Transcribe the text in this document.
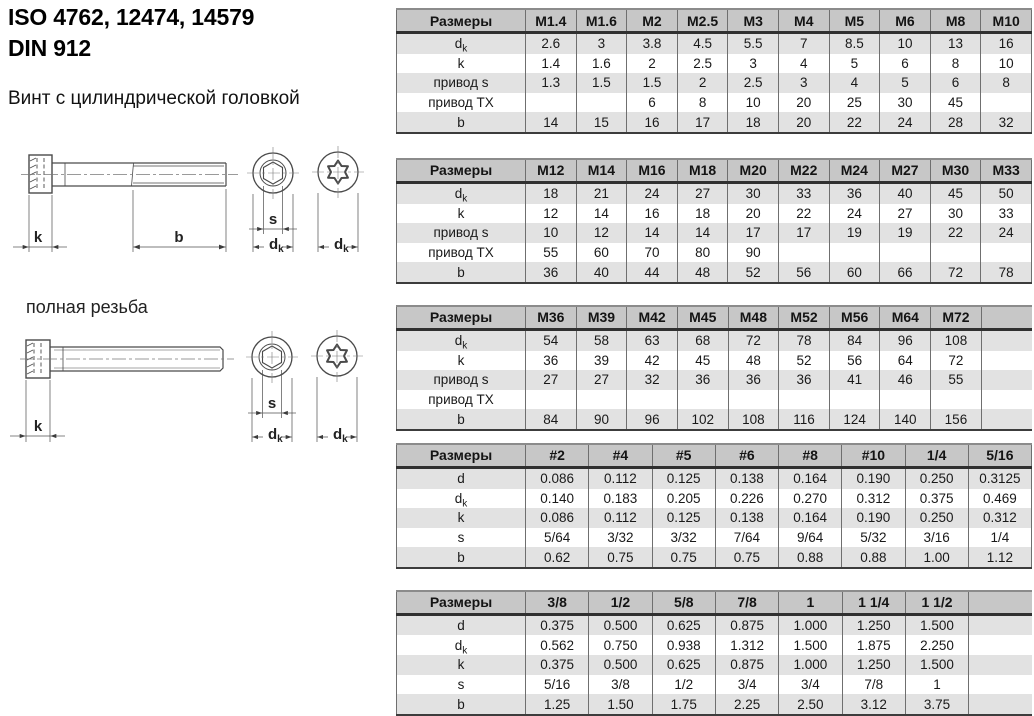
ISO 4762, 12474, 14579
DIN 912
Винт с цилиндрической головкой
k	b
s
$d_k$	$d_k$
полная резьба
k
s
$d_k$	$d_k$
Размеры	M1.4	M1.6	M2	M2.5	M3	M4	M5	M6	M8	M10
$d_k$	2.6	3	3.8	4.5	5.5	7	8.5	10	13	16
k	1.4	1.6	2	2.5	3	4	5	6	8	10
привод s	1.3	1.5	1.5	2	2.5	3	4	5	6	8
привод TX			6	8	10	20	25	30	45	
b	14	15	16	17	18	20	22	24	28	32
Размеры	M12	M14	M16	M18	M20	M22	M24	M27	M30	M33
$d_k$	18	21	24	27	30	33	36	40	45	50
k	12	14	16	18	20	22	24	27	30	33
привод s	10	12	14	14	17	17	19	19	22	24
привод TX	55	60	70	80	90					
b	36	40	44	48	52	56	60	66	72	78
Размеры	M36	M39	M42	M45	M48	M52	M56	M64	M72	
$d_k$	54	58	63	68	72	78	84	96	108	
k	36	39	42	45	48	52	56	64	72	
привод s	27	27	32	36	36	36	41	46	55	
привод TX										
b	84	90	96	102	108	116	124	140	156	
Размеры	#2	#4	#5	#6	#8	#10	1/4	5/16
d	0.086	0.112	0.125	0.138	0.164	0.190	0.250	0.3125
$d_k$	0.140	0.183	0.205	0.226	0.270	0.312	0.375	0.469
k	0.086	0.112	0.125	0.138	0.164	0.190	0.250	0.312
s	5/64	3/32	3/32	7/64	9/64	5/32	3/16	1/4
b	0.62	0.75	0.75	0.75	0.88	0.88	1.00	1.12
Размеры	3/8	1/2	5/8	7/8	1	1 1/4	1 1/2	
d	0.375	0.500	0.625	0.875	1.000	1.250	1.500	
$d_k$	0.562	0.750	0.938	1.312	1.500	1.875	2.250	
k	0.375	0.500	0.625	0.875	1.000	1.250	1.500	
s	5/16	3/8	1/2	3/4	3/4	7/8	1	
b	1.25	1.50	1.75	2.25	2.50	3.12	3.75	
